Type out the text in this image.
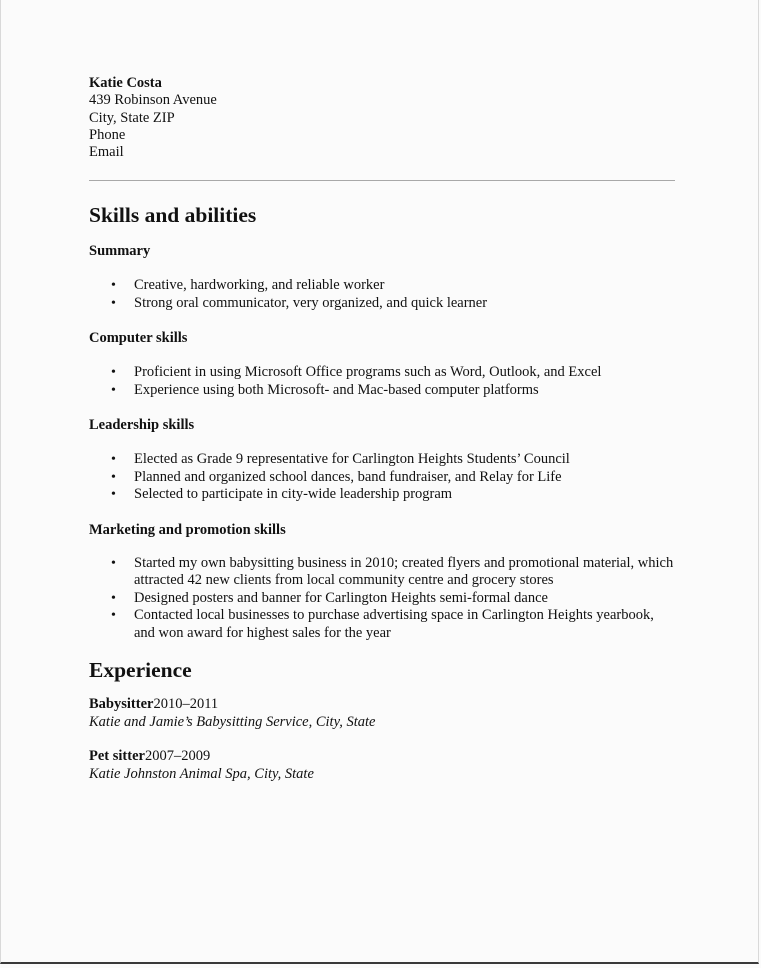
Katie Costa
439 Robinson Avenue
City, State ZIP
Phone
Email
Skills and abilities
Summary
• Creative, hardworking, and reliable worker
• Strong oral communicator, very organized, and quick learner
Computer skills
• Proficient in using Microsoft Office programs such as Word, Outlook, and Excel
• Experience using both Microsoft- and Mac-based computer platforms
Leadership skills
• Elected as Grade 9 representative for Carlington Heights Students’ Council
• Planned and organized school dances, band fundraiser, and Relay for Life
• Selected to participate in city-wide leadership program
Marketing and promotion skills
• Started my own babysitting business in 2010; created flyers and promotional material, which attracted 42 new clients from local community centre and grocery stores
• Designed posters and banner for Carlington Heights semi-formal dance
• Contacted local businesses to purchase advertising space in Carlington Heights yearbook, and won award for highest sales for the year
Experience
Babysitter2010–2011
Katie and Jamie’s Babysitting Service, City, State
Pet sitter2007–2009
Katie Johnston Animal Spa, City, State
